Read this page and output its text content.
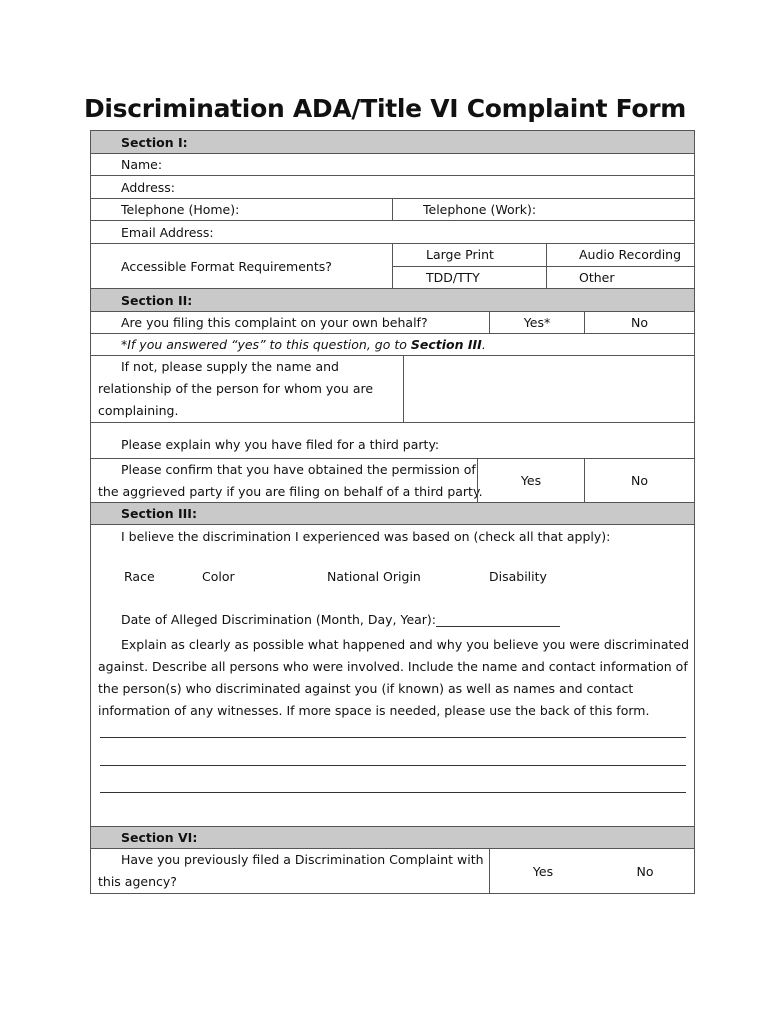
Discrimination ADA/Title VI Complaint Form
Section I:
Name:
Address:
Telephone (Home):	Telephone (Work):
Email Address:
Accessible Format Requirements?
Large Print	Audio Recording
TDD/TTY	Other
Section II:
Are you filing this complaint on your own behalf?	Yes*	No
*If you answered “yes” to this question, go to Section III .
If not, please supply the name and
relationship of the person for whom you are
complaining.
Please explain why you have filed for a third party:
Please confirm that you have obtained the permission of
the aggrieved party if you are filing on behalf of a third party.
Yes	No
Section III:
I believe the discrimination I experienced was based on (check all that apply):
Race	Color	National Origin	Disability
Date of Alleged Discrimination (Month, Day, Year):
Explain as clearly as possible what happened and why you believe you were discriminated
against. Describe all persons who were involved. Include the name and contact information of
the person(s) who discriminated against you (if known) as well as names and contact
information of any witnesses. If more space is needed, please use the back of this form.
Section VI:
Have you previously filed a Discrimination Complaint with
this agency?
Yes	No
